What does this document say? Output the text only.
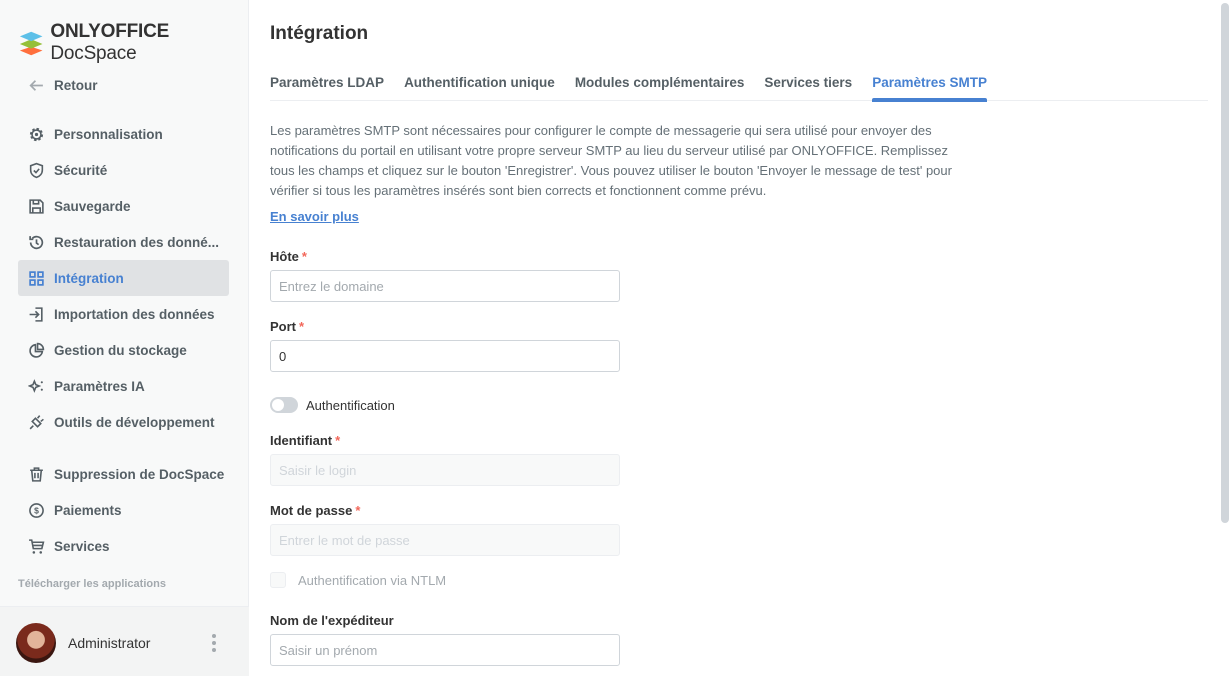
ONLYOFFICE DocSpace
Retour
Personnalisation
Sécurité
Sauvegarde
Restauration des donné...
Intégration
Importation des données
Gestion du stockage
Paramètres IA
Outils de développement
Suppression de DocSpace
$ Paiements
Services
Télécharger les applications
Administrator
Intégration
Paramètres LDAP Authentification unique Modules complémentaires Services tiers Paramètres SMTP
Les paramètres SMTP sont nécessaires pour configurer le compte de messagerie qui sera utilisé pour envoyer des notifications du portail en utilisant votre propre serveur SMTP au lieu du serveur utilisé par ONLYOFFICE. Remplissez tous les champs et cliquez sur le bouton 'Enregistrer'. Vous pouvez utiliser le bouton 'Envoyer le message de test' pour vérifier si tous les paramètres insérés sont bien corrects et fonctionnent comme prévu.
En savoir plus
Hôte *
Entrez le domaine
Port *
0
Authentification
Identifiant *
Saisir le login
Mot de passe *
Entrer le mot de passe
Authentification via NTLM
Nom de l'expéditeur
Saisir un prénom
